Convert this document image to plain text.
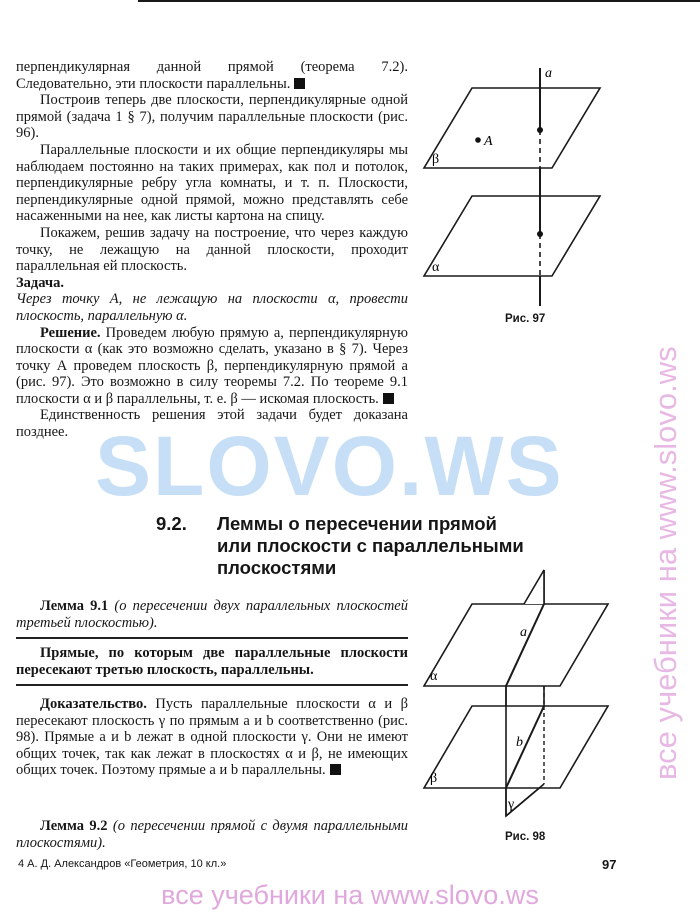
перпендикулярная данной прямой (теорема 7.2). Следовательно, эти плоскости параллельны.

Построив теперь две плоскости, перпендикулярные одной прямой (задача 1 § 7), получим параллельные плоскости (рис. 96).

Параллельные плоскости и их общие перпендикуляры мы наблюдаем постоянно на таких примерах, как пол и потолок, перпендикулярные ребру угла комнаты, и т. п. Плоскости, перпендикулярные одной прямой, можно представлять себе насаженными на нее, как листы картона на спицу.

Покажем, решив задачу на построение, что через каждую точку, не лежащую на данной плоскости, проходит параллельная ей плоскость.

Задача.

Через точку А, не лежащую на плоскости α, провести плоскость, параллельную α.

Решение. Проведем любую прямую а, перпендикулярную плоскости α (как это возможно сделать, указано в § 7). Через точку А проведем плоскость β, перпендикулярную прямой а (рис. 97). Это возможно в силу теоремы 7.2. По теореме 9.1 плоскости α и β параллельны, т. е. β — искомая плоскость.

Единственность решения этой задачи будет доказана позднее.

a
A
β
α
Рис. 97
SLOVO.WS
9.2. Леммы о пересечении прямой
или плоскости с параллельными
плоскостями

Лемма 9.1 (о пересечении двух параллельных плоскостей третьей плоскостью).

Прямые, по которым две параллельные плоскости пересекают третью плоскость, параллельны.

Доказательство. Пусть параллельные плоскости α и β пересекают плоскость γ по прямым а и b соответственно (рис. 98). Прямые а и b лежат в одной плоскости γ. Они не имеют общих точек, так как лежат в плоскостях α и β, не имеющих общих точек. Поэтому прямые а и b параллельны.

Лемма 9.2 (о пересечении прямой с двумя параллельными плоскостями).

a
b
α
β
γ
Рис. 98
4 А. Д. Александров «Геометрия, 10 кл.»	97
все учебники на www.slovo.ws
все учебники на www.slovo.ws
